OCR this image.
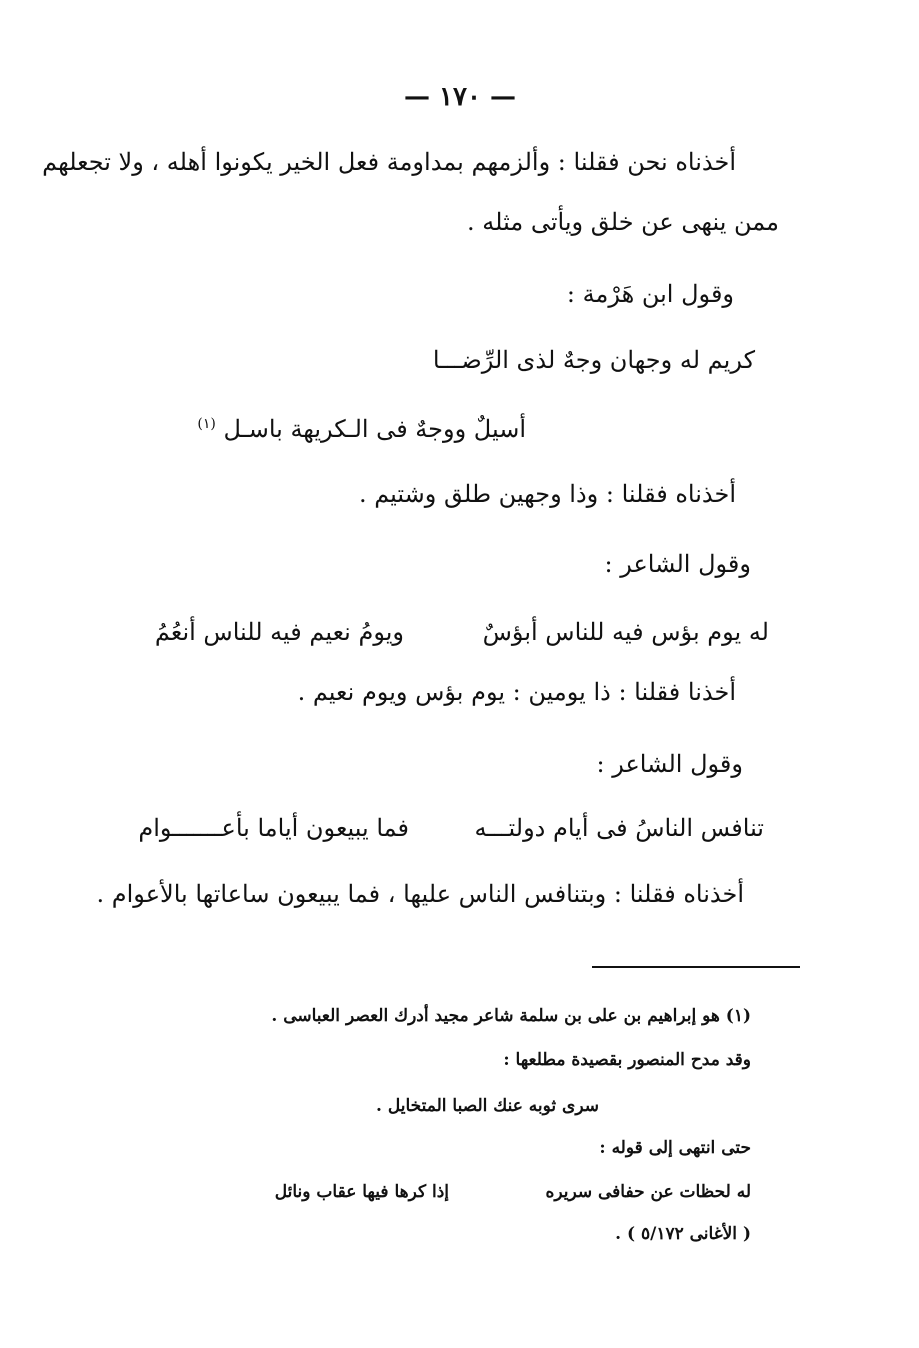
— ١٧٠ —
أخذناه نحن فقلنا : وألزمهم بمداومة فعل الخير يكونوا أهله ، ولا تجعلهم
ممن ينهى عن خلق ويأتى مثله .
وقول ابن هَرْمة :
كريم له وجهان وجهٌ لذى الرِّضـــا
أسيلٌ ووجهٌ فى الـكريهة باسـل $^{(١)}$
أخذناه فقلنا : وذا وجهين طلق وشتيم .
وقول الشاعر :
له يوم بؤس فيه للناس أبؤسٌ
ويومُ نعيم فيه للناس أنعُمُ
أخذنا فقلنا : ذا يومين : يوم بؤس ويوم نعيم .
وقول الشاعر :
تنافس الناسُ فى أيام دولتـــه
فما يبيعون أياما بأعـــــــوام
أخذناه فقلنا : وبتنافس الناس عليها ، فما يبيعون ساعاتها بالأعوام .
(١) هو إبراهيم بن على بن سلمة شاعر مجيد أدرك العصر العباسى .
وقد مدح المنصور بقصيدة مطلعها :
سرى ثوبه عنك الصبا المتخايل .
حتى انتهى إلى قوله :
له لحظات عن حفافى سريره
إذا كرها فيها عقاب ونائل
( الأغانى ٥/١٧٢ ) .
